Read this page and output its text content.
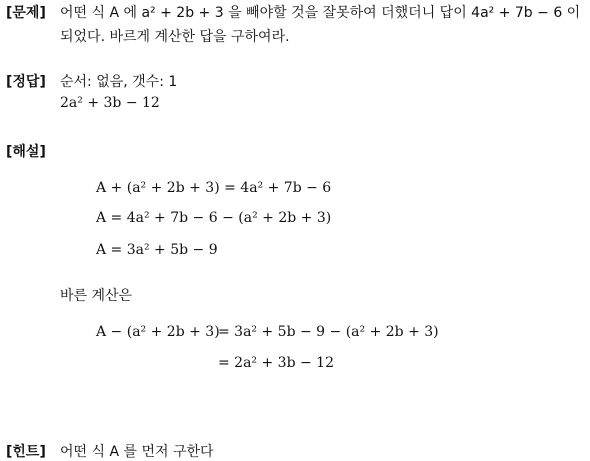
[문제] 어떤 식 A 에 a² + 2b + 3 을 빼야할 것을 잘못하여 더했더니 답이 4a² + 7b − 6 이
되었다. 바르게 계산한 답을 구하여라.
[정답] 순서: 없음, 갯수: 1
2a² + 3b − 12
[해설]
A + (a² + 2b + 3) = 4a² + 7b − 6
A = 4a² + 7b − 6 − (a² + 2b + 3)
A = 3a² + 5b − 9
바른 계산은
A − (a² + 2b + 3)
= 3a² + 5b − 9 − (a² + 2b + 3)
= 2a² + 3b − 12
[힌트] 어떤 식 A 를 먼저 구한다
